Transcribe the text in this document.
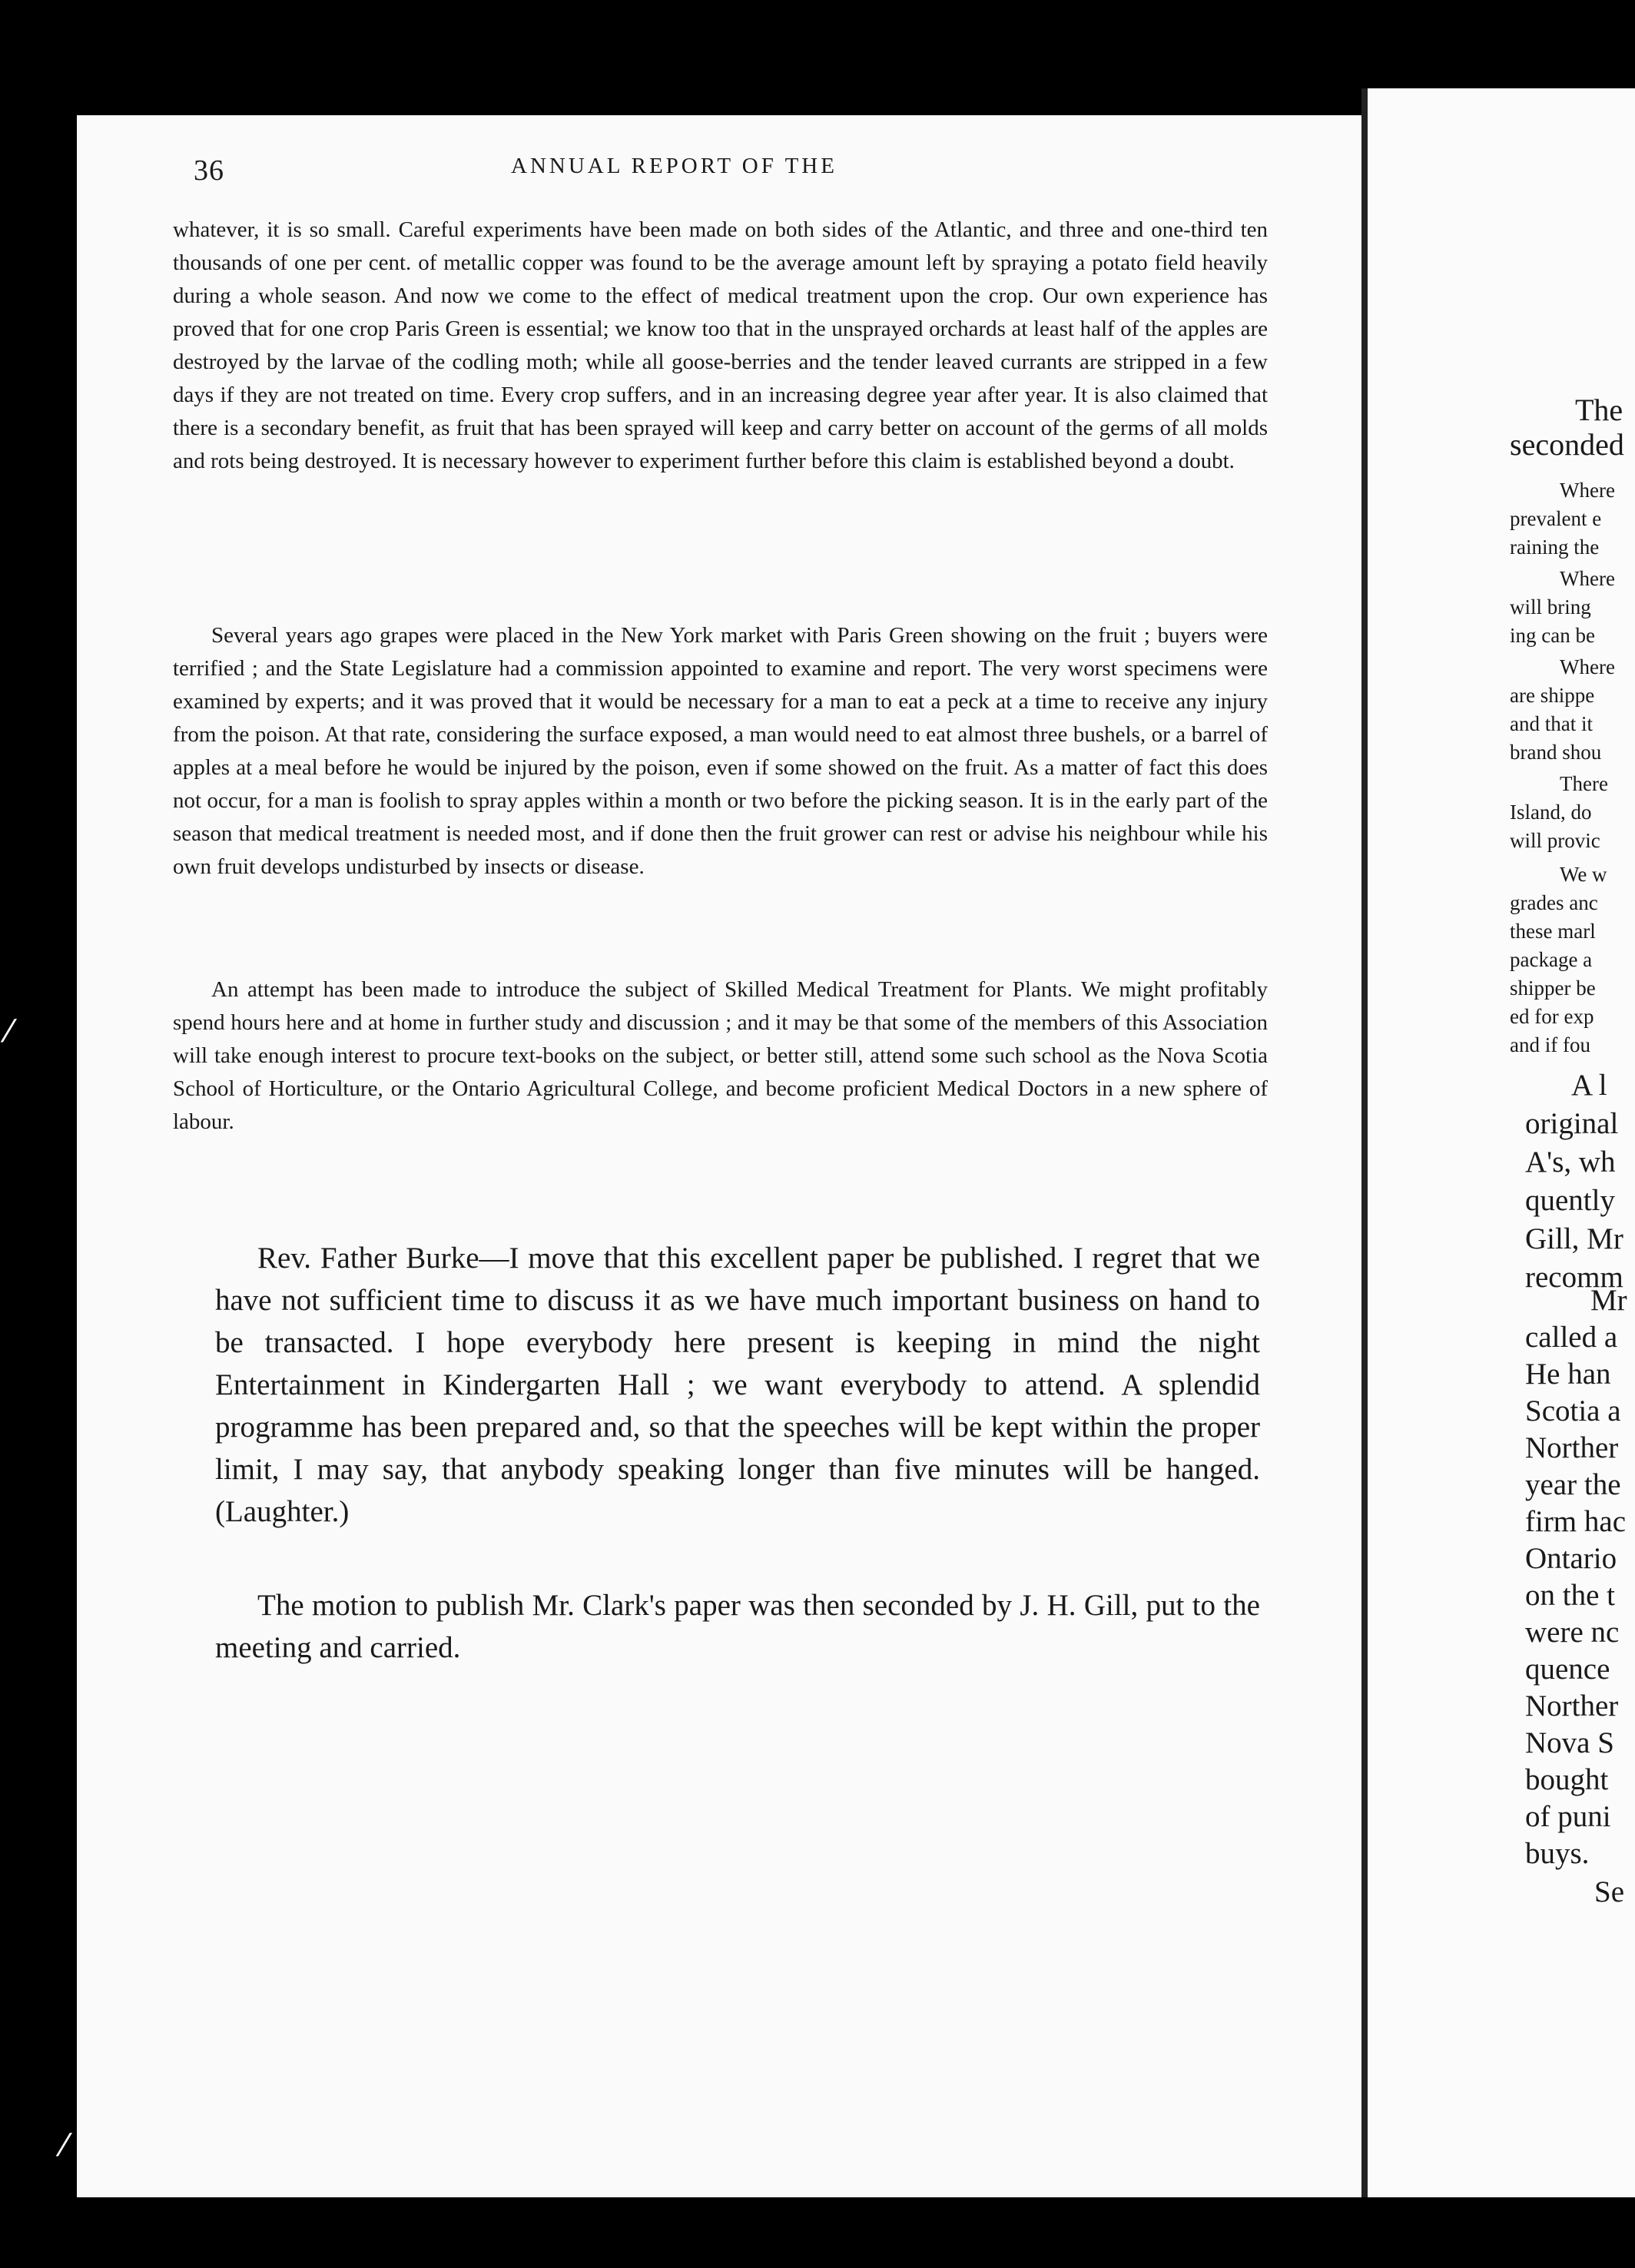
36	ANNUAL REPORT OF THE

whatever, it is so small. Careful experiments have been made on both sides of the Atlantic, and three and one-third ten thousands of one per cent. of metallic copper was found to be the average amount left by spraying a potato field heavily during a whole season. And now we come to the effect of medical treatment upon the crop. Our own experience has proved that for one crop Paris Green is essential; we know too that in the unsprayed orchards at least half of the apples are destroyed by the larvae of the codling moth; while all goose-berries and the tender leaved currants are stripped in a few days if they are not treated on time. Every crop suffers, and in an increasing degree year after year. It is also claimed that there is a secondary benefit, as fruit that has been sprayed will keep and carry better on account of the germs of all molds and rots being destroyed. It is necessary however to experiment further before this claim is established beyond a doubt.

Several years ago grapes were placed in the New York market with Paris Green showing on the fruit ; buyers were terrified ; and the State Legislature had a commission appointed to examine and report. The very worst specimens were examined by experts; and it was proved that it would be necessary for a man to eat a peck at a time to receive any injury from the poison. At that rate, considering the surface exposed, a man would need to eat almost three bushels, or a barrel of apples at a meal before he would be injured by the poison, even if some showed on the fruit. As a matter of fact this does not occur, for a man is foolish to spray apples within a month or two before the picking season. It is in the early part of the season that medical treatment is needed most, and if done then the fruit grower can rest or advise his neighbour while his own fruit develops undisturbed by insects or disease.

An attempt has been made to introduce the subject of Skilled Medical Treatment for Plants. We might profitably spend hours here and at home in further study and discussion ; and it may be that some of the members of this Association will take enough interest to procure text-books on the subject, or better still, attend some such school as the Nova Scotia School of Horticulture, or the Ontario Agricultural College, and become proficient Medical Doctors in a new sphere of labour.

Rev. Father Burke—I move that this excellent paper be published. I regret that we have not sufficient time to discuss it as we have much important business on hand to be transacted. I hope everybody here present is keeping in mind the night Entertainment in Kindergarten Hall ; we want everybody to attend. A splendid programme has been prepared and, so that the speeches will be kept within the proper limit, I may say, that anybody speaking longer than five minutes will be hanged. (Laughter.)

The motion to publish Mr. Clark's paper was then seconded by J. H. Gill, put to the meeting and carried.

The
seconded
Where
prevalent e
raining the
Where
will bring
ing can be
Where
are shippe
and that it
brand shou
There
Island, do
will provic
We w
grades anc
these marl
package a
shipper be
ed for exp
and if fou
A l
original
A's, wh
quently
Gill, Mr
recomm
Mr
called a
He han
Scotia a
Norther
year the
firm hac
Ontario
on the t
were nc
quence
Norther
Nova S
bought
of puni
buys.
Se
⁄
⁄
